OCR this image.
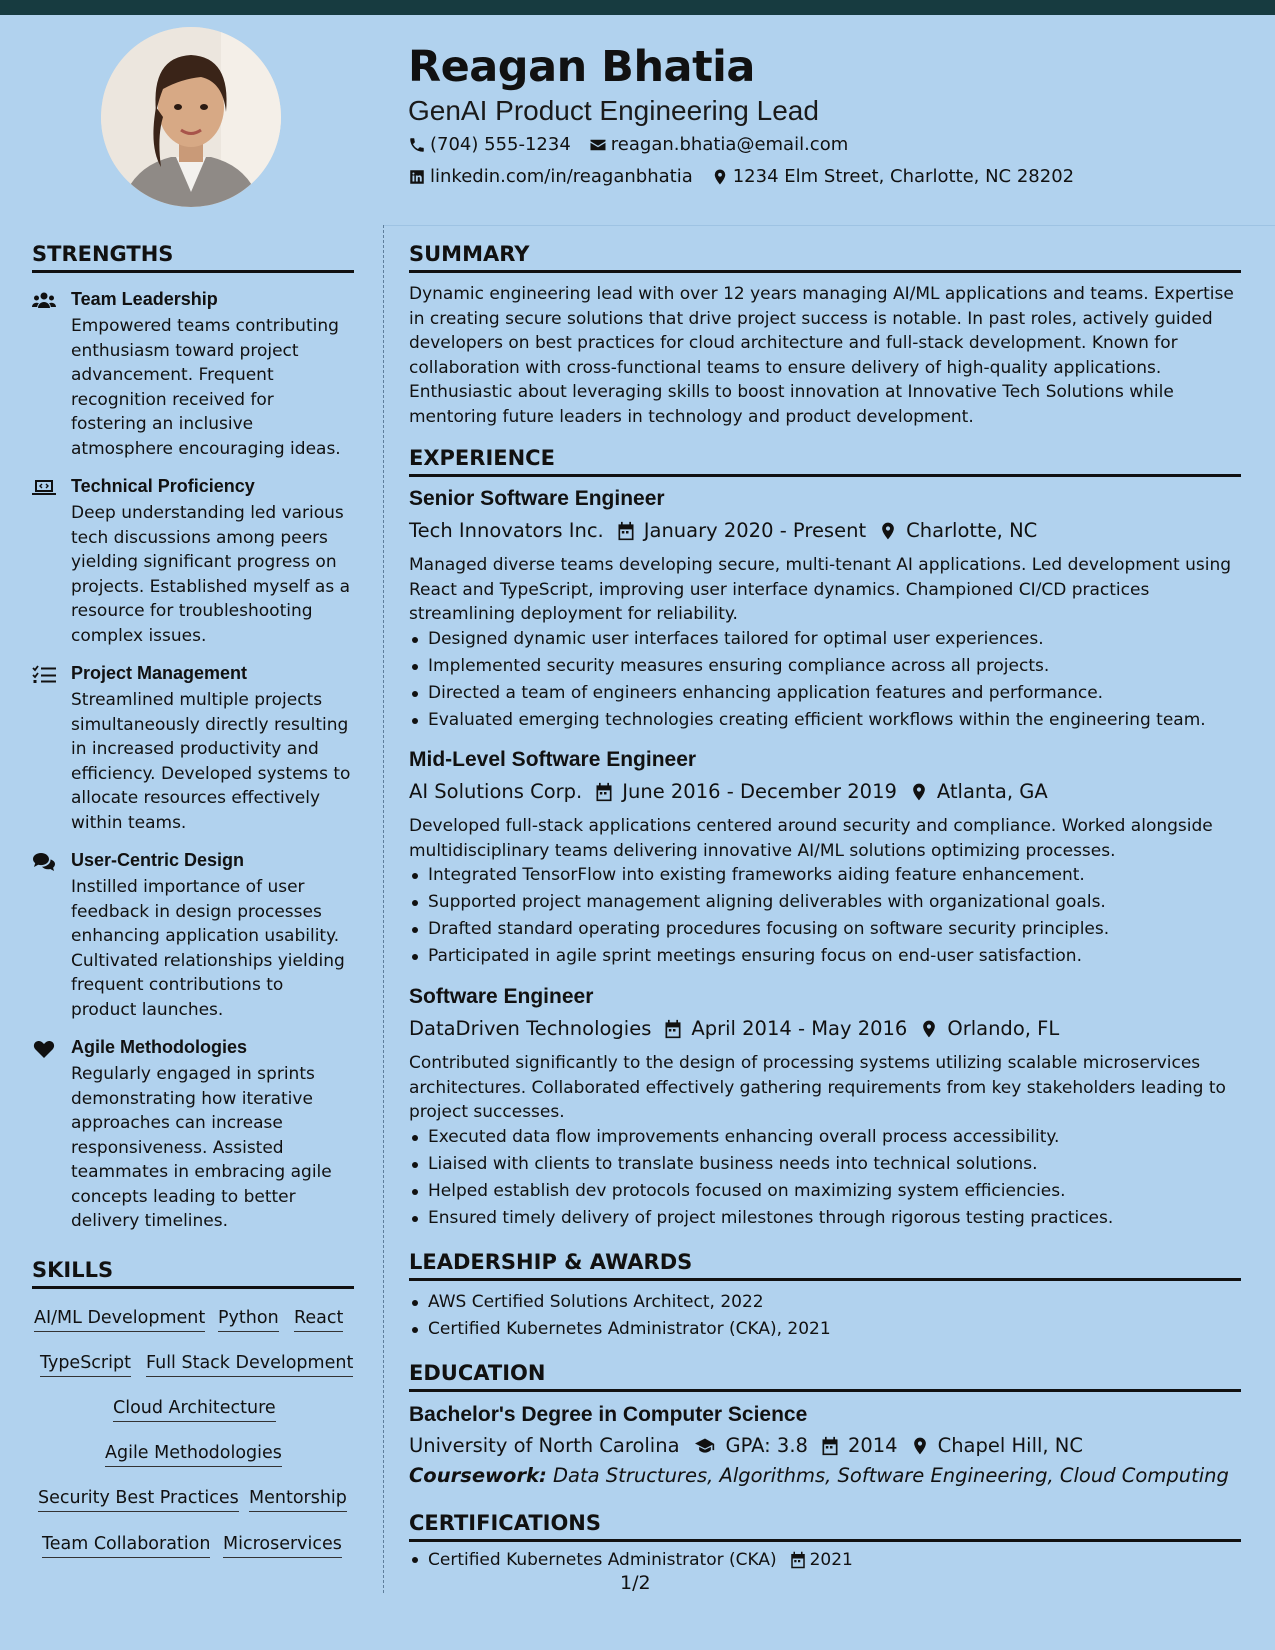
Reagan Bhatia
GenAI Product Engineering Lead
(704) 555-1234 reagan.bhatia@email.com
linkedin.com/in/reaganbhatia 1234 Elm Street, Charlotte, NC 28202
STRENGTHS
Team Leadership
Empowered teams contributing enthusiasm toward project advancement. Frequent recognition received for fostering an inclusive atmosphere encouraging ideas.
Technical Proficiency
Deep understanding led various tech discussions among peers yielding significant progress on projects. Established myself as a resource for troubleshooting complex issues.
Project Management
Streamlined multiple projects simultaneously directly resulting in increased productivity and efficiency. Developed systems to allocate resources effectively within teams.
User-Centric Design
Instilled importance of user feedback in design processes enhancing application usability. Cultivated relationships yielding frequent contributions to product launches.
Agile Methodologies
Regularly engaged in sprints demonstrating how iterative approaches can increase responsiveness. Assisted teammates in embracing agile concepts leading to better delivery timelines.
SKILLS
AI/ML Development Python React
TypeScript Full Stack Development
Cloud Architecture
Agile Methodologies
Security Best Practices Mentorship
Team Collaboration Microservices
SUMMARY
Dynamic engineering lead with over 12 years managing AI/ML applications and teams. Expertise in creating secure solutions that drive project success is notable. In past roles, actively guided developers on best practices for cloud architecture and full-stack development. Known for collaboration with cross-functional teams to ensure delivery of high-quality applications. Enthusiastic about leveraging skills to boost innovation at Innovative Tech Solutions while mentoring future leaders in technology and product development.
EXPERIENCE
Senior Software Engineer
Tech Innovators Inc. January 2020 - Present Charlotte, NC
Managed diverse teams developing secure, multi-tenant AI applications. Led development using React and TypeScript, improving user interface dynamics. Championed CI/CD practices streamlining deployment for reliability.
Designed dynamic user interfaces tailored for optimal user experiences.
Implemented security measures ensuring compliance across all projects.
Directed a team of engineers enhancing application features and performance.
Evaluated emerging technologies creating efficient workflows within the engineering team.
Mid-Level Software Engineer
AI Solutions Corp. June 2016 - December 2019 Atlanta, GA
Developed full-stack applications centered around security and compliance. Worked alongside multidisciplinary teams delivering innovative AI/ML solutions optimizing processes.
Integrated TensorFlow into existing frameworks aiding feature enhancement.
Supported project management aligning deliverables with organizational goals.
Drafted standard operating procedures focusing on software security principles.
Participated in agile sprint meetings ensuring focus on end-user satisfaction.
Software Engineer
DataDriven Technologies April 2014 - May 2016 Orlando, FL
Contributed significantly to the design of processing systems utilizing scalable microservices architectures. Collaborated effectively gathering requirements from key stakeholders leading to project successes.
Executed data flow improvements enhancing overall process accessibility.
Liaised with clients to translate business needs into technical solutions.
Helped establish dev protocols focused on maximizing system efficiencies.
Ensured timely delivery of project milestones through rigorous testing practices.
LEADERSHIP & AWARDS
AWS Certified Solutions Architect, 2022
Certified Kubernetes Administrator (CKA), 2021
EDUCATION
Bachelor's Degree in Computer Science
University of North Carolina GPA: 3.8 2014 Chapel Hill, NC
Coursework: Data Structures, Algorithms, Software Engineering, Cloud Computing
CERTIFICATIONS
Certified Kubernetes Administrator (CKA) 2021
1/2
